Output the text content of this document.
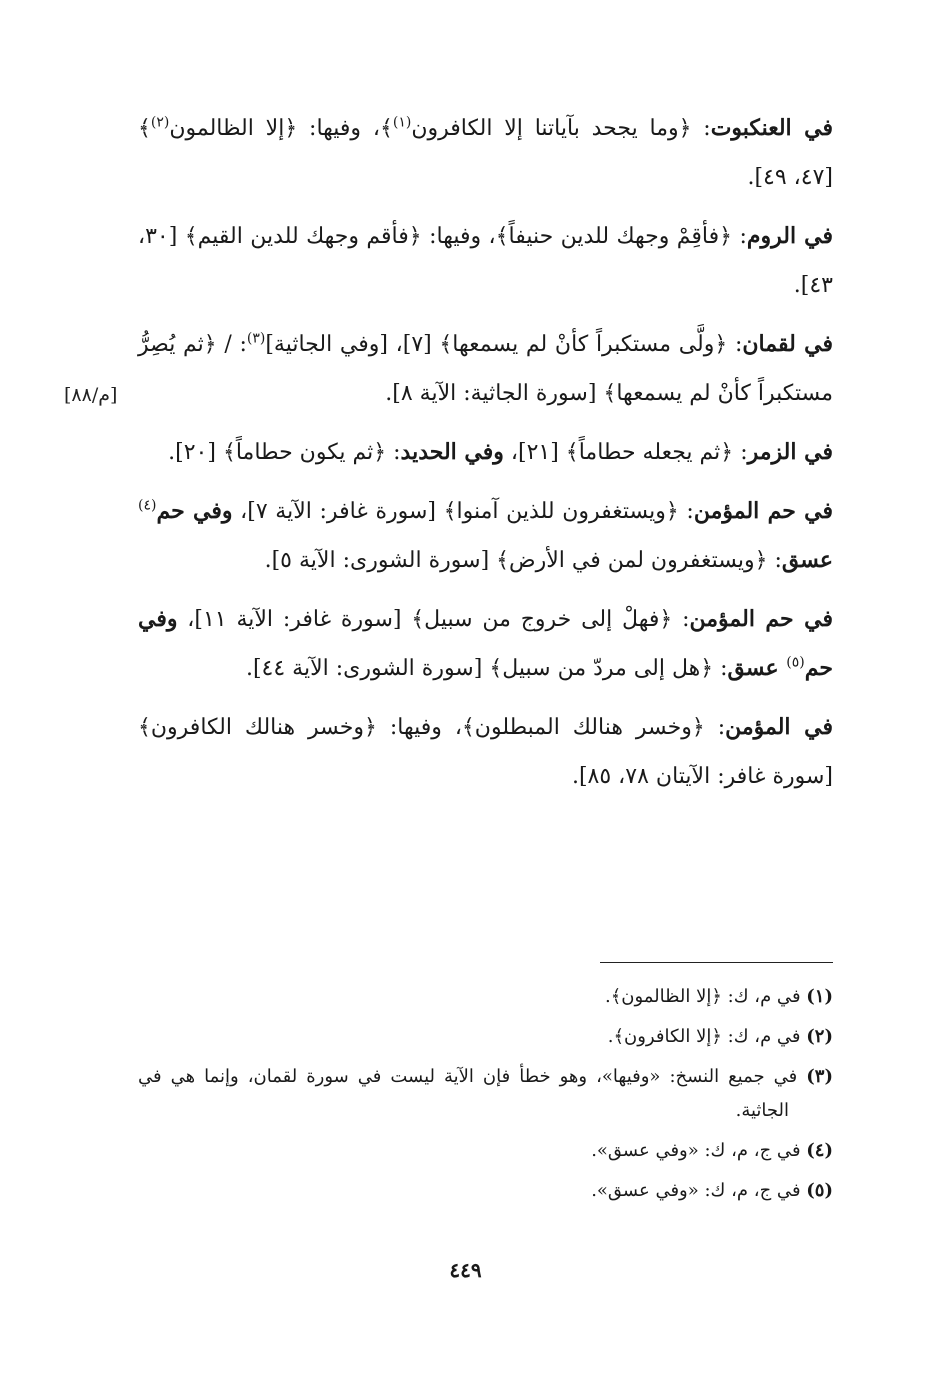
في العنكبوت: ﴿وما يجحد بآياتنا إلا الكافرون$^{(١)}$﴾، وفيها: ﴿إلا الظالمون$^{(٢)}$﴾ [٤٧، ٤٩].

في الروم: ﴿فأقِمْ وجهك للدين حنيفاً﴾، وفيها: ﴿فأقم وجهك للدين القيم﴾ [٣٠، ٤٣].

في لقمان: ﴿ولَّى مستكبراً كأنْ لم يسمعها﴾ [٧]، [وفي الجاثية]$^{(٣)}$: / ﴿ثم يُصِرُّ مستكبراً كأنْ لم يسمعها﴾ [سورة الجاثية: الآية ٨].

في الزمر: ﴿ثم يجعله حطاماً﴾ [٢١]، وفي الحديد: ﴿ثم يكون حطاماً﴾ [٢٠].

في حم المؤمن: ﴿ويستغفرون للذين آمنوا﴾ [سورة غافر: الآية ٧]، وفي حم$^{(٤)}$ عسق: ﴿ويستغفرون لمن في الأرض﴾ [سورة الشورى: الآية ٥].

في حم المؤمن: ﴿فهلْ إلى خروج من سبيل﴾ [سورة غافر: الآية ١١]، وفي حم$^{(٥)}$ عسق: ﴿هل إلى مردّ من سبيل﴾ [سورة الشورى: الآية ٤٤].

في المؤمن: ﴿وخسر هنالك المبطلون﴾، وفيها: ﴿وخسر هنالك الكافرون﴾ [سورة غافر: الآيتان ٧٨، ٨٥].

[م/٨٨]

(١) في م، ك: ﴿إلا الظالمون﴾.

(٢) في م، ك: ﴿إلا الكافرون﴾.

(٣) في جميع النسخ: «وفيها»، وهو خطأ فإن الآية ليست في سورة لقمان، وإنما هي في الجاثية.

(٤) في ج، م، ك: «وفي عسق».

(٥) في ج، م، ك: «وفي عسق».

٤٤٩
